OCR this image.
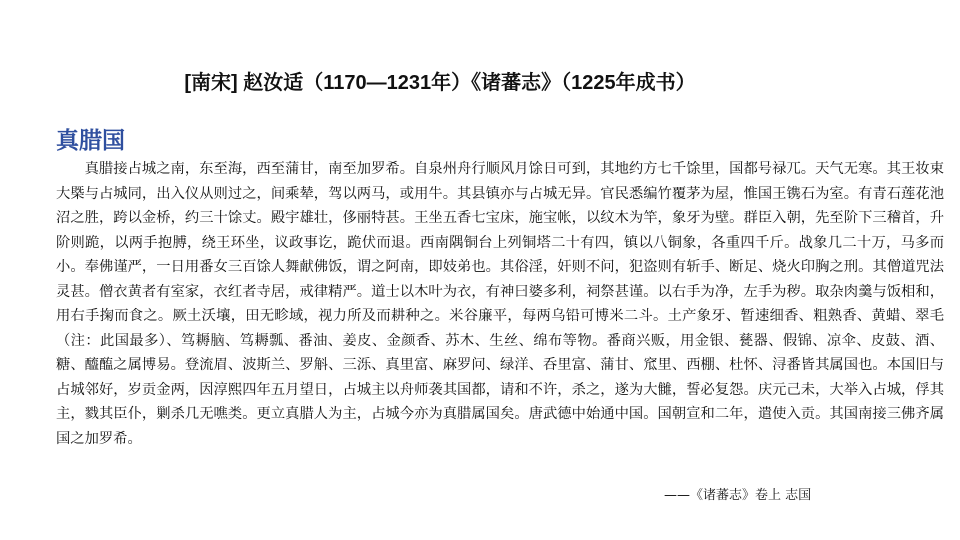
[南宋] 赵汝适（1170—1231年）《诸蕃志》（1225年成书）
真腊国

真腊接占城之南，东至海，西至蒲甘，南至加罗希。自泉州舟行顺风月馀日可到，其地约方七千馀里，国都号禄兀。天气无寒。其王妆束大槩与占城同，出入仪从则过之，间乘辇，驾以两马，或用牛。其县镇亦与占城无异。官民悉编竹覆茅为屋，惟国王镌石为室。有青石莲花池沼之胜，跨以金桥，约三十馀丈。殿宇雄壮，侈丽特甚。王坐五香七宝床，施宝帐，以纹木为竿，象牙为壁。群臣入朝，先至阶下三稽首，升阶则跪，以两手抱膊，绕王环坐，议政事讫，跪伏而退。西南隅铜台上列铜塔二十有四，镇以八铜象，各重四千斤。战象几二十万，马多而小。奉佛谨严，一日用番女三百馀人舞献佛饭，谓之阿南，即妓弟也。其俗淫，奸则不问，犯盗则有斩手、断足、烧火印胸之刑。其僧道咒法灵甚。僧衣黄者有室家，衣红者寺居，戒律精严。道士以木叶为衣，有神曰婆多利，祠祭甚谨。以右手为净，左手为秽。取杂肉羹与饭相和，用右手掬而食之。厥土沃壤，田无畛域，视力所及而耕种之。米谷廉平，每两乌铅可博米二斗。土产象牙、暂速细香、粗熟香、黄蜡、翠毛（注：此国最多）、笃耨脑、笃耨瓢、番油、姜皮、金颜香、苏木、生丝、绵布等物。番商兴贩，用金银、甆器、假锦、凉伞、皮鼓、酒、糖、醯醢之属博易。登流眉、波斯兰、罗斛、三泺、真里富、麻罗问、绿洋、呑里富、蒲甘、窊里、西棚、杜怀、浔番皆其属国也。本国旧与占城邻好，岁贡金两，因淳熙四年五月望日，占城主以舟师袭其国都，请和不许，杀之，遂为大雠，誓必复怨。庆元己未，大举入占城，俘其主，戮其臣仆，剿杀几无噍类。更立真腊人为主，占城今亦为真腊属国矣。唐武德中始通中国。国朝宣和二年，遣使入贡。其国南接三佛齐属国之加罗希。

——《诸蕃志》卷上 志国
